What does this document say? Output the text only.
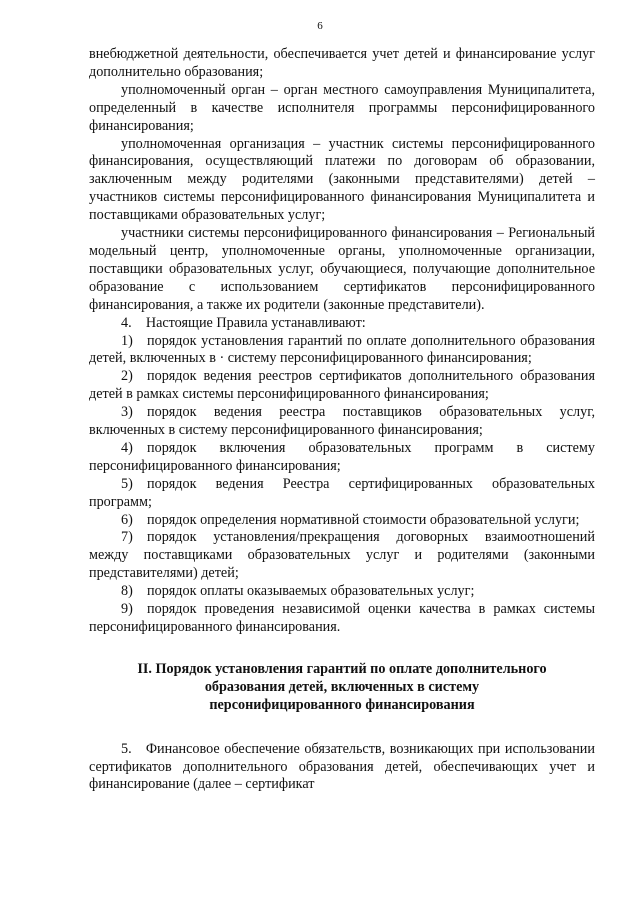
6

внебюджетной деятельности, обеспечивается учет детей и финансирование услуг дополнительно образования;

уполномоченный орган – орган местного самоуправления Муниципалитета, определенный в качестве исполнителя программы персонифицированного финансирования;

уполномоченная организация – участник системы персонифицированного финансирования, осуществляющий платежи по договорам об образовании, заключенным между родителями (законными представителями) детей – участников системы персонифицированного финансирования Муниципалитета и поставщиками образовательных услуг;

участники системы персонифицированного финансирования – Региональный модельный центр, уполномоченные органы, уполномоченные организации, поставщики образовательных услуг, обучающиеся, получающие дополнительное образование с использованием сертификатов персонифицированного финансирования, а также их родители (законные представители).

4. Настоящие Правила устанавливают:

1) порядок установления гарантий по оплате дополнительного образования детей, включенных в · систему персонифицированного финансирования;

2) порядок ведения реестров сертификатов дополнительного образования детей в рамках системы персонифицированного финансирования;

3) порядок ведения реестра поставщиков образовательных услуг, включенных в систему персонифицированного финансирования;

4) порядок включения образовательных программ в систему персонифицированного финансирования;

5) порядок ведения Реестра сертифицированных образовательных программ;

6) порядок определения нормативной стоимости образовательной услуги;

7) порядок установления/прекращения договорных взаимоотношений между поставщиками образовательных услуг и родителями (законными представителями) детей;

8) порядок оплаты оказываемых образовательных услуг;

9) порядок проведения независимой оценки качества в рамках системы персонифицированного финансирования.

II. Порядок установления гарантий по оплате дополнительного
образования детей, включенных в систему
персонифицированного финансирования

5. Финансовое обеспечение обязательств, возникающих при использовании сертификатов дополнительного образования детей, обеспечивающих учет и финансирование (далее – сертификат
